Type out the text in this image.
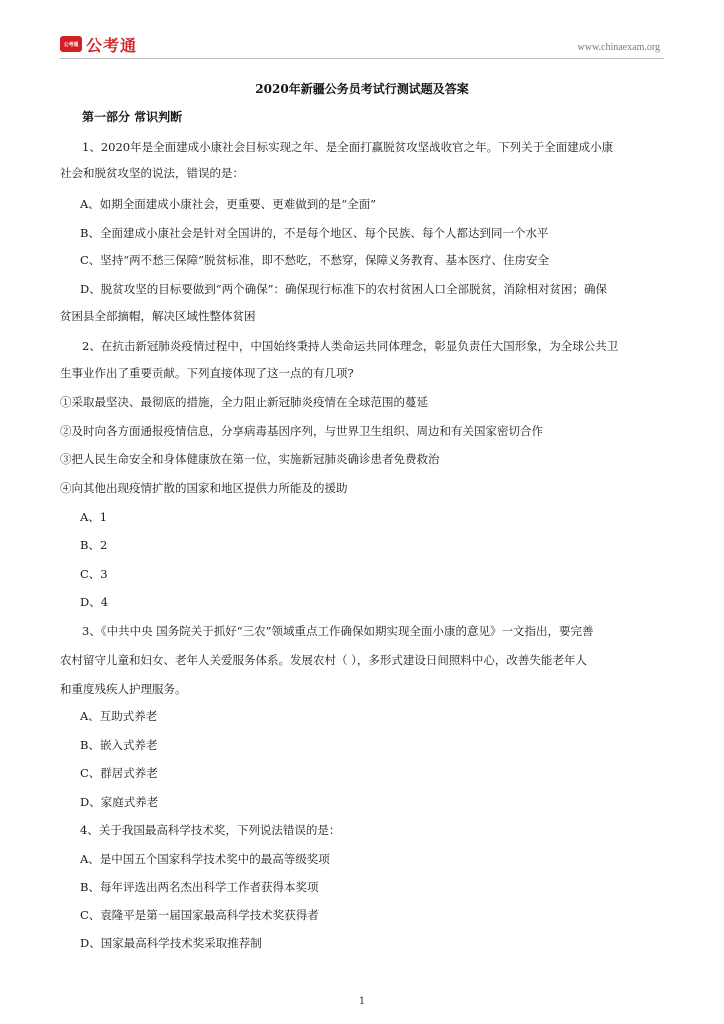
公考通 公考通	www.chinaexam.org
2020年新疆公务员考试行测试题及答案
第一部分 常识判断
1、2020年是全面建成小康社会目标实现之年、是全面打赢脱贫攻坚战收官之年。下列关于全面建成小康
社会和脱贫攻坚的说法，错误的是：
A、如期全面建成小康社会，更重要、更难做到的是“全面”
B、全面建成小康社会是针对全国讲的，不是每个地区、每个民族、每个人都达到同一个水平
C、坚持“两不愁三保障”脱贫标准，即不愁吃，不愁穿，保障义务教育、基本医疗、住房安全
D、脱贫攻坚的目标要做到“两个确保”：确保现行标准下的农村贫困人口全部脱贫，消除相对贫困；确保
贫困县全部摘帽，解决区域性整体贫困
2、在抗击新冠肺炎疫情过程中，中国始终秉持人类命运共同体理念，彰显负责任大国形象，为全球公共卫
生事业作出了重要贡献。下列直接体现了这一点的有几项?
①采取最坚决、最彻底的措施，全力阻止新冠肺炎疫情在全球范围的蔓延
②及时向各方面通报疫情信息，分享病毒基因序列，与世界卫生组织、周边和有关国家密切合作
③把人民生命安全和身体健康放在第一位，实施新冠肺炎确诊患者免费救治
④向其他出现疫情扩散的国家和地区提供力所能及的援助
A、1
B、2
C、3
D、4
3、《中共中央 国务院关于抓好“三农”领域重点工作确保如期实现全面小康的意见》一文指出，要完善
农村留守儿童和妇女、老年人关爱服务体系。发展农村（ ），多形式建设日间照料中心，改善失能老年人
和重度残疾人护理服务。
A、互助式养老
B、嵌入式养老
C、群居式养老
D、家庭式养老
4、关于我国最高科学技术奖，下列说法错误的是：
A、是中国五个国家科学技术奖中的最高等级奖项
B、每年评选出两名杰出科学工作者获得本奖项
C、袁隆平是第一届国家最高科学技术奖获得者
D、国家最高科学技术奖采取推荐制
1
